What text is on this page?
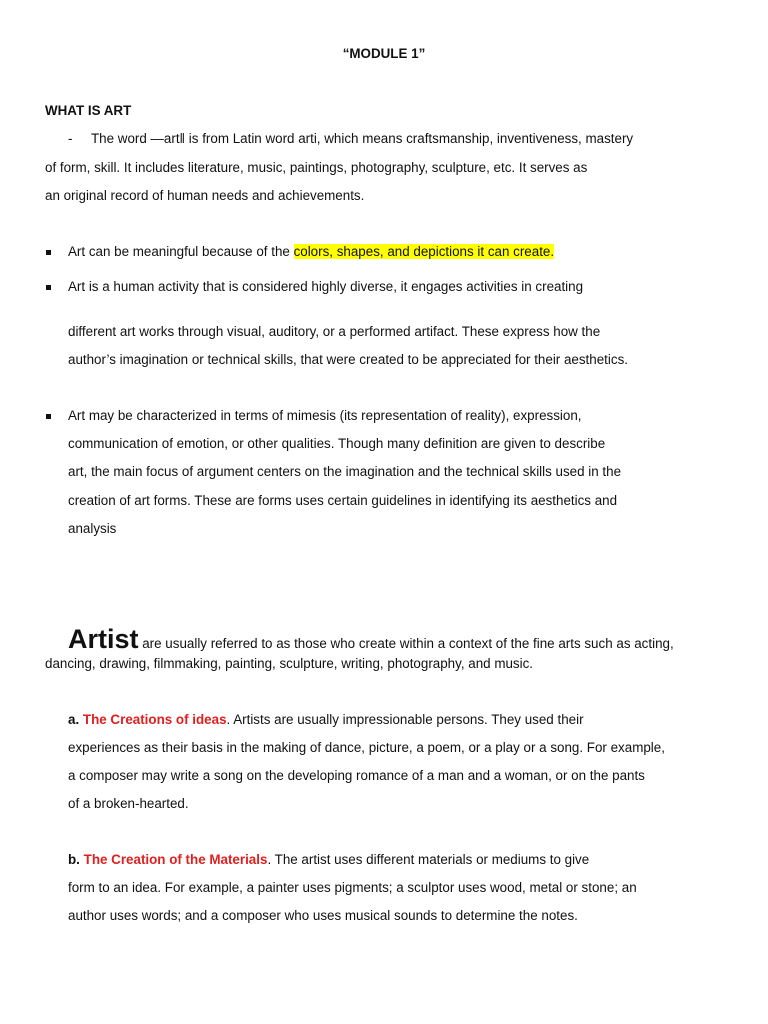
“MODULE 1”
WHAT IS ART
- The word ―artǁ is from Latin word arti, which means craftsmanship, inventiveness, mastery
of form, skill. It includes literature, music, paintings, photography, sculpture, etc. It serves as
an original record of human needs and achievements.
Art can be meaningful because of the colors, shapes, and depictions it can create.
Art is a human activity that is considered highly diverse, it engages activities in creating
different art works through visual, auditory, or a performed artifact. These express how the
author’s imagination or technical skills, that were created to be appreciated for their aesthetics.
Art may be characterized in terms of mimesis (its representation of reality), expression,
communication of emotion, or other qualities. Though many definition are given to describe
art, the main focus of argument centers on the imagination and the technical skills used in the
creation of art forms. These are forms uses certain guidelines in identifying its aesthetics and
analysis
Artist are usually referred to as those who create within a context of the fine arts such as acting,
dancing, drawing, filmmaking, painting, sculpture, writing, photography, and music.
a. The Creations of ideas. Artists are usually impressionable persons. They used their
experiences as their basis in the making of dance, picture, a poem, or a play or a song. For example,
a composer may write a song on the developing romance of a man and a woman, or on the pants
of a broken-hearted.
b. The Creation of the Materials. The artist uses different materials or mediums to give
form to an idea. For example, a painter uses pigments; a sculptor uses wood, metal or stone; an
author uses words; and a composer who uses musical sounds to determine the notes.
